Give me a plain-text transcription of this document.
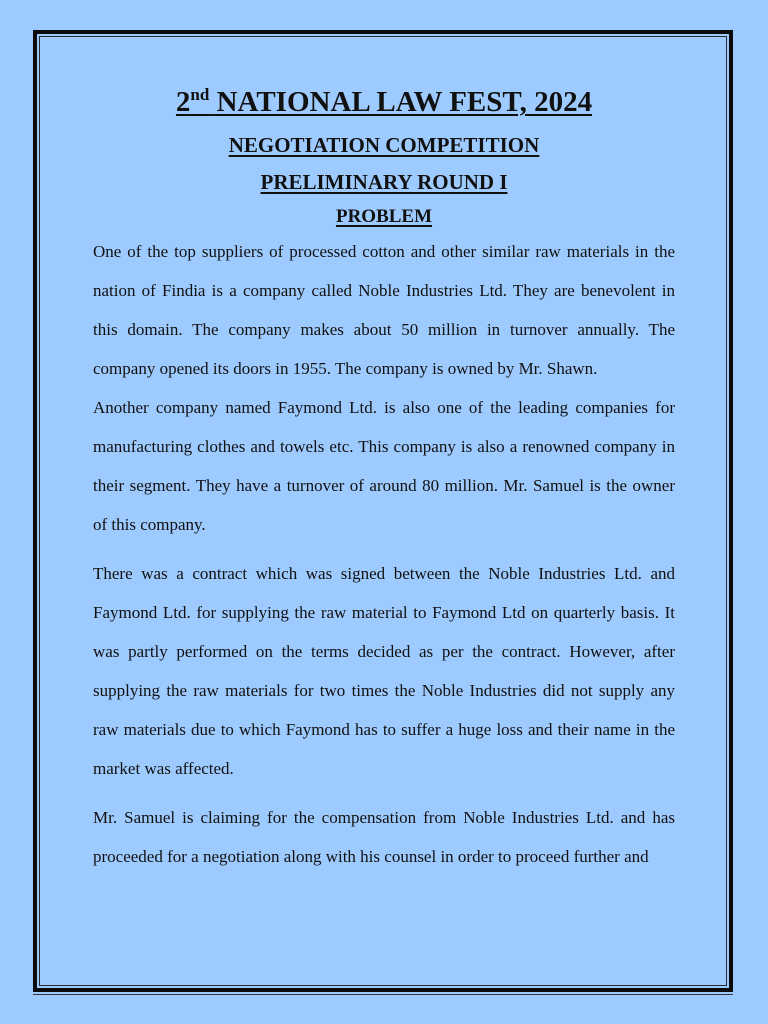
2nd NATIONAL LAW FEST, 2024
NEGOTIATION COMPETITION
PRELIMINARY ROUND I
PROBLEM

One of the top suppliers of processed cotton and other similar raw materials in the nation of Findia is a company called Noble Industries Ltd. They are benevolent in this domain. The company makes about 50 million in turnover annually. The company opened its doors in 1955. The company is owned by Mr. Shawn.

Another company named Faymond Ltd. is also one of the leading companies for manufacturing clothes and towels etc. This company is also a renowned company in their segment. They have a turnover of around 80 million. Mr. Samuel is the owner of this company.

There was a contract which was signed between the Noble Industries Ltd. and Faymond Ltd. for supplying the raw material to Faymond Ltd on quarterly basis. It was partly performed on the terms decided as per the contract. However, after supplying the raw materials for two times the Noble Industries did not supply any raw materials due to which Faymond has to suffer a huge loss and their name in the market was affected.

Mr. Samuel is claiming for the compensation from Noble Industries Ltd. and has proceeded for a negotiation along with his counsel in order to proceed further and
